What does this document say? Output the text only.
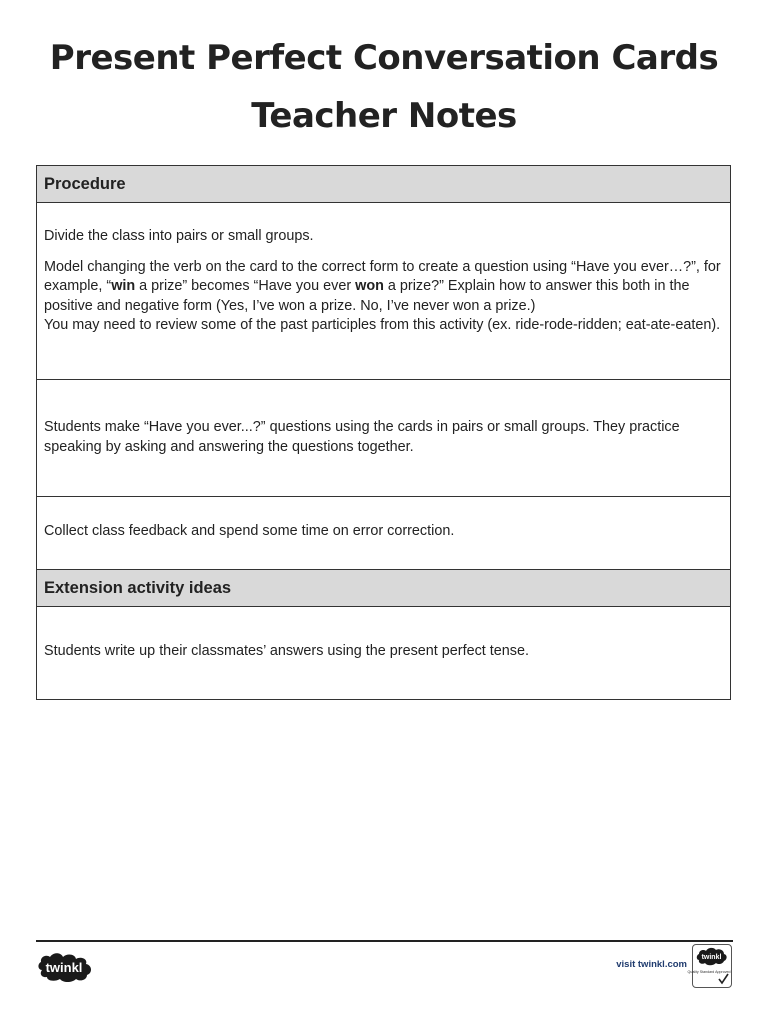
Present Perfect Conversation Cards
Teacher Notes
Procedure

Divide the class into pairs or small groups.

Model changing the verb on the card to the correct form to create a question using “Have you ever…?”, for example, “win a prize” becomes “Have you ever won a prize?” Explain how to answer this both in the positive and negative form (Yes, I’ve won a prize. No, I’ve never won a prize.)

You may need to review some of the past participles from this activity (ex. ride-rode-ridden; eat-ate-eaten).

Students make “Have you ever...?” questions using the cards in pairs or small groups. They practice speaking by asking and answering the questions together.

Collect class feedback and spend some time on error correction.

Extension activity ideas

Students write up their classmates’ answers using the present perfect tense.

twinkl	visit twinkl.com
twinkl
Quality Standard Approved
